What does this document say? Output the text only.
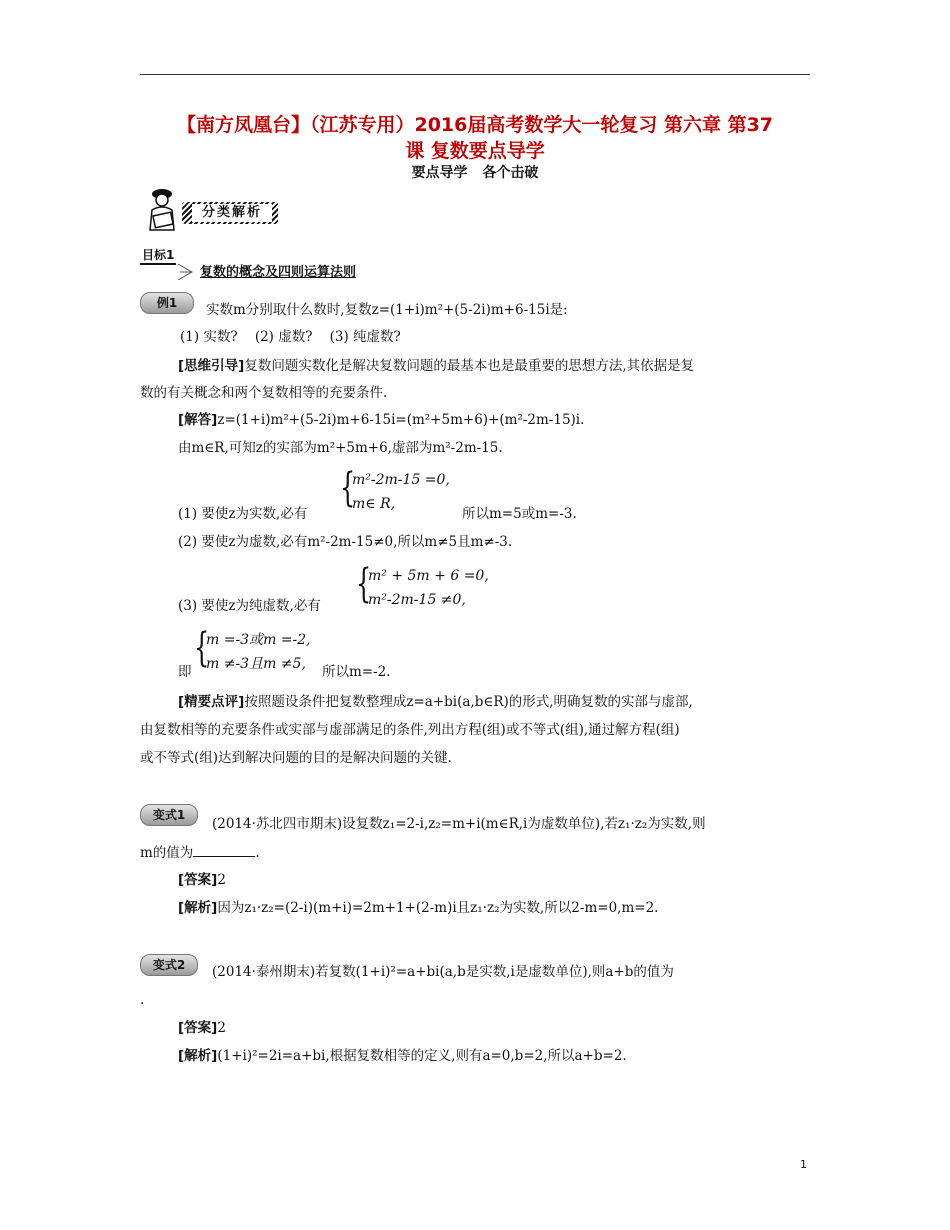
【南方凤凰台】（江苏专用）2016届高考数学大一轮复习 第六章 第37
课 复数要点导学
要点导学 各个击破
分类解析
目标1
复数的概念及四则运算法则
例1	实数m分别取什么数时,复数z=(1+i)m²+(5-2i)m+6-15i是:
(1) 实数?    (2) 虚数?    (3) 纯虚数?
[思维引导]复数问题实数化是解决复数问题的最基本也是最重要的思想方法,其依据是复
数的有关概念和两个复数相等的充要条件.
[解答]z=(1+i)m²+(5-2i)m+6-15i=(m²+5m+6)+(m²-2m-15)i.
由m∈R,可知z的实部为m²+5m+6,虚部为m²-2m-15.
{
m²-2m-15 =0,
m∈ R,
(1) 要使z为实数,必有	所以m=5或m=-3.
(2) 要使z为虚数,必有m²-2m-15≠0,所以m≠5且m≠-3.
{
m² + 5m + 6 =0,
m²-2m-15 ≠0,
(3) 要使z为纯虚数,必有
{
m =-3或m =-2,
m ≠-3且m ≠5,
即	所以m=-2.
[精要点评]按照题设条件把复数整理成z=a+bi(a,b∈R)的形式,明确复数的实部与虚部,
由复数相等的充要条件或实部与虚部满足的条件,列出方程(组)或不等式(组),通过解方程(组)
或不等式(组)达到解决问题的目的是解决问题的关键.
变式1
(2014·苏北四市期末)设复数z₁=2-i,z₂=m+i(m∈R,i为虚数单位),若z₁·z₂为实数,则
m的值为	.
[答案]2
[解析]因为z₁·z₂=(2-i)(m+i)=2m+1+(2-m)i且z₁·z₂为实数,所以2-m=0,m=2.
变式2	(2014·泰州期末)若复数(1+i)²=a+bi(a,b是实数,i是虚数单位),则a+b的值为
.
[答案]2
[解析](1+i)²=2i=a+bi,根据复数相等的定义,则有a=0,b=2,所以a+b=2.
1
